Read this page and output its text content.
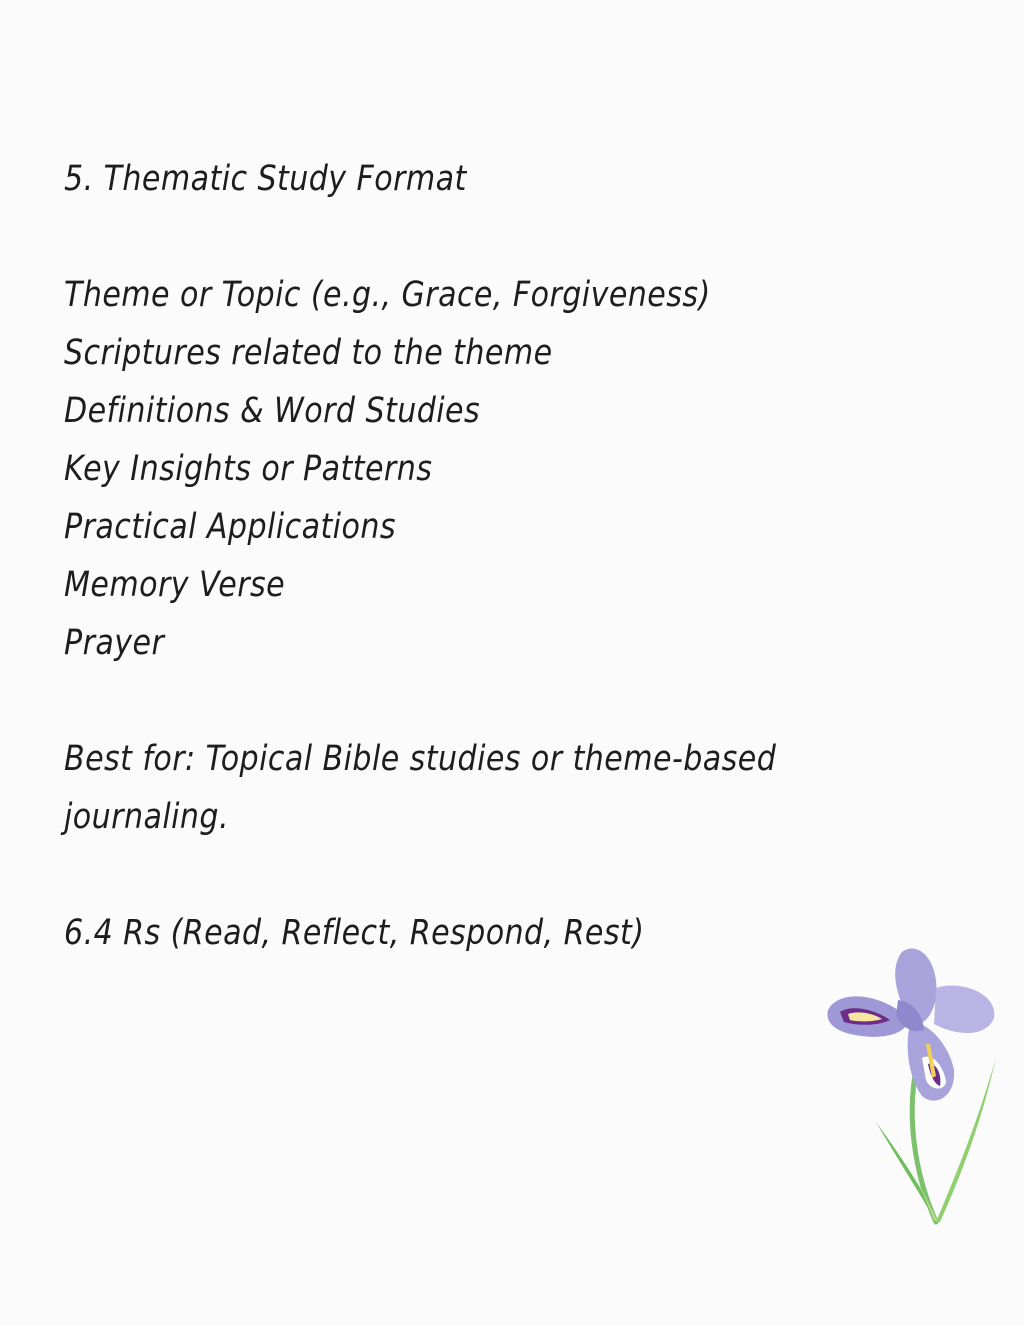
5. Thematic Study Format
Theme or Topic (e.g., Grace, Forgiveness)
Scriptures related to the theme
Definitions & Word Studies
Key Insights or Patterns
Practical Applications
Memory Verse
Prayer
Best for: Topical Bible studies or theme-based journaling.
6.4 Rs (Read, Reflect, Respond, Rest)
